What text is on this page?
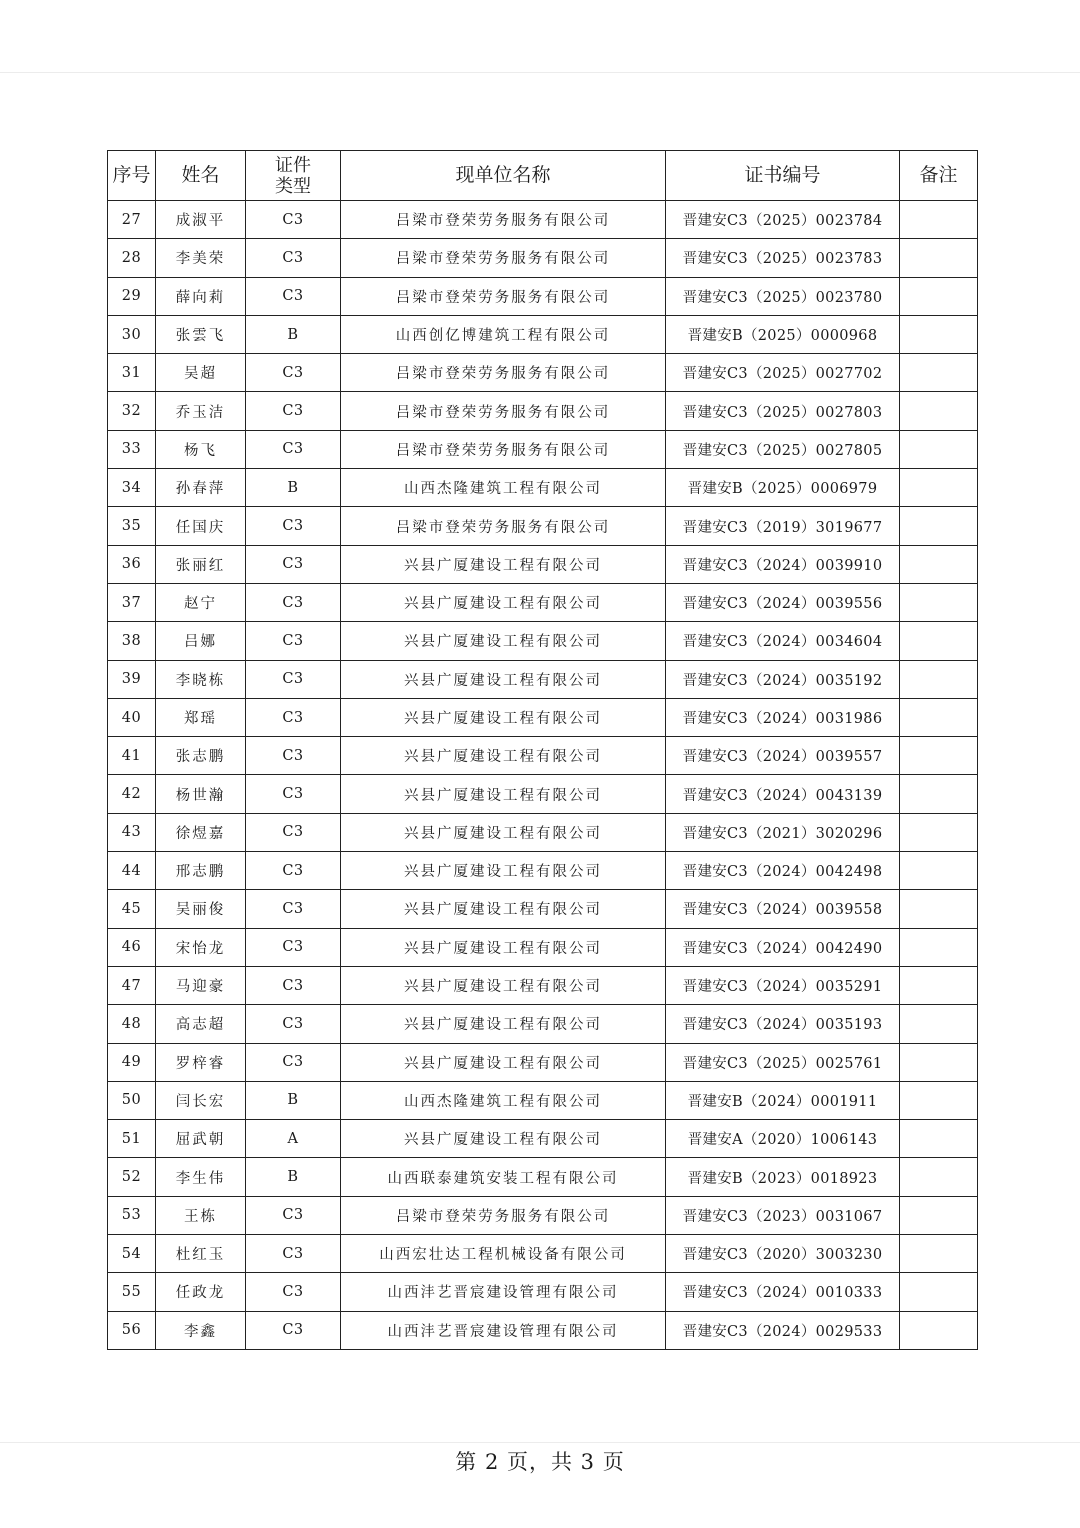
序号	姓名	证件类型	现单位名称	证书编号	备注
27	成淑平	C3	吕梁市登荣劳务服务有限公司	晋建安C3（2025）0023784	
28	李美荣	C3	吕梁市登荣劳务服务有限公司	晋建安C3（2025）0023783	
29	薛向莉	C3	吕梁市登荣劳务服务有限公司	晋建安C3（2025）0023780	
30	张雲飞	B	山西创亿博建筑工程有限公司	晋建安B（2025）0000968	
31	吴超	C3	吕梁市登荣劳务服务有限公司	晋建安C3（2025）0027702	
32	乔玉洁	C3	吕梁市登荣劳务服务有限公司	晋建安C3（2025）0027803	
33	杨飞	C3	吕梁市登荣劳务服务有限公司	晋建安C3（2025）0027805	
34	孙春萍	B	山西杰隆建筑工程有限公司	晋建安B（2025）0006979	
35	任国庆	C3	吕梁市登荣劳务服务有限公司	晋建安C3（2019）3019677	
36	张丽红	C3	兴县广厦建设工程有限公司	晋建安C3（2024）0039910	
37	赵宁	C3	兴县广厦建设工程有限公司	晋建安C3（2024）0039556	
38	吕娜	C3	兴县广厦建设工程有限公司	晋建安C3（2024）0034604	
39	李晓栋	C3	兴县广厦建设工程有限公司	晋建安C3（2024）0035192	
40	郑瑶	C3	兴县广厦建设工程有限公司	晋建安C3（2024）0031986	
41	张志鹏	C3	兴县广厦建设工程有限公司	晋建安C3（2024）0039557	
42	杨世瀚	C3	兴县广厦建设工程有限公司	晋建安C3（2024）0043139	
43	徐煜嘉	C3	兴县广厦建设工程有限公司	晋建安C3（2021）3020296	
44	邢志鹏	C3	兴县广厦建设工程有限公司	晋建安C3（2024）0042498	
45	吴丽俊	C3	兴县广厦建设工程有限公司	晋建安C3（2024）0039558	
46	宋怡龙	C3	兴县广厦建设工程有限公司	晋建安C3（2024）0042490	
47	马迎豪	C3	兴县广厦建设工程有限公司	晋建安C3（2024）0035291	
48	高志超	C3	兴县广厦建设工程有限公司	晋建安C3（2024）0035193	
49	罗梓睿	C3	兴县广厦建设工程有限公司	晋建安C3（2025）0025761	
50	闫长宏	B	山西杰隆建筑工程有限公司	晋建安B（2024）0001911	
51	屈武朝	A	兴县广厦建设工程有限公司	晋建安A（2020）1006143	
52	李生伟	B	山西联泰建筑安装工程有限公司	晋建安B（2023）0018923	
53	王栋	C3	吕梁市登荣劳务服务有限公司	晋建安C3（2023）0031067	
54	杜红玉	C3	山西宏壮达工程机械设备有限公司	晋建安C3（2020）3003230	
55	任政龙	C3	山西沣艺晋宸建设管理有限公司	晋建安C3（2024）0010333	
56	李鑫	C3	山西沣艺晋宸建设管理有限公司	晋建安C3（2024）0029533	
第 2 页，共 3 页
